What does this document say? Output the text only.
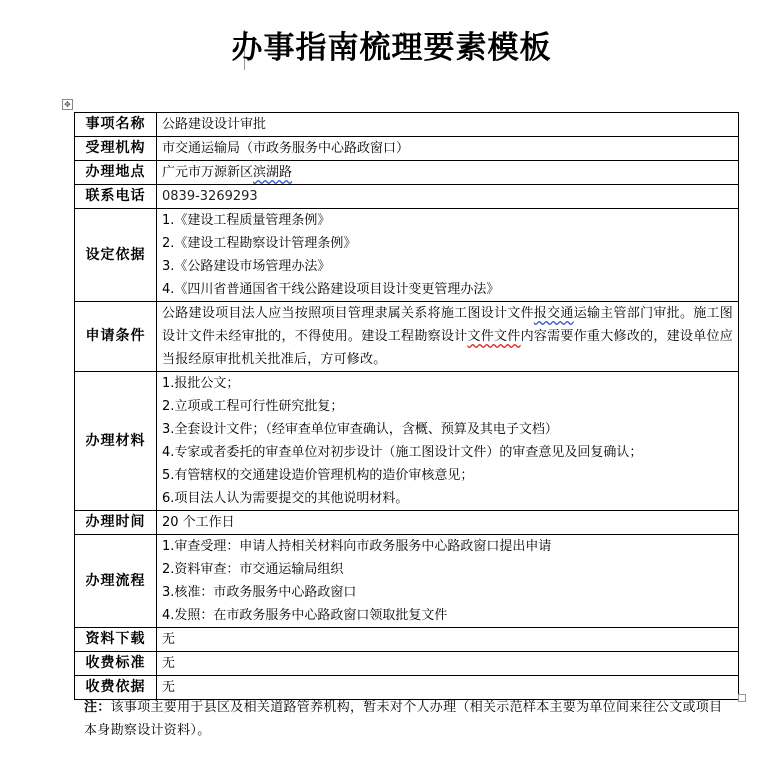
办事指南梳理要素模板
✥
事项名称	公路建设设计审批
受理机构	市交通运输局（市政务服务中心路政窗口）
办理地点	广元市万源新区滨湖路
联系电话	0839-3269293
设定依据	1.《建设工程质量管理条例》
2.《建设工程勘察设计管理条例》
3.《公路建设市场管理办法》
4.《四川省普通国省干线公路建设项目设计变更管理办法》

申请条件	公路建设项目法人应当按照项目管理隶属关系将施工图设计文件报交通运输主管部门审批。施工图设计文件未经审批的，不得使用。建设工程勘察设计文件文件内容需要作重大修改的，建设单位应当报经原审批机关批准后，方可修改。

办理材料	
1.报批公文；
2.立项或工程可行性研究批复；
3.全套设计文件；（经审查单位审查确认，含概、预算及其电子文档）
4.专家或者委托的审查单位对初步设计（施工图设计文件）的审查意见及回复确认；
5.有管辖权的交通建设造价管理机构的造价审核意见；
6.项目法人认为需要提交的其他说明材料。

办理时间	20 个工作日
办理流程	1.审查受理：申请人持相关材料向市政务服务中心路政窗口提出申请
2.资料审查：市交通运输局组织
3.核准：市政务服务中心路政窗口
4.发照：在市政务服务中心路政窗口领取批复文件

资料下载	无
收费标准	无
收费依据	无
注：该事项主要用于县区及相关道路管养机构，暂未对个人办理（相关示范样本主要为单位间来往公文或项目本身勘察设计资料）。
